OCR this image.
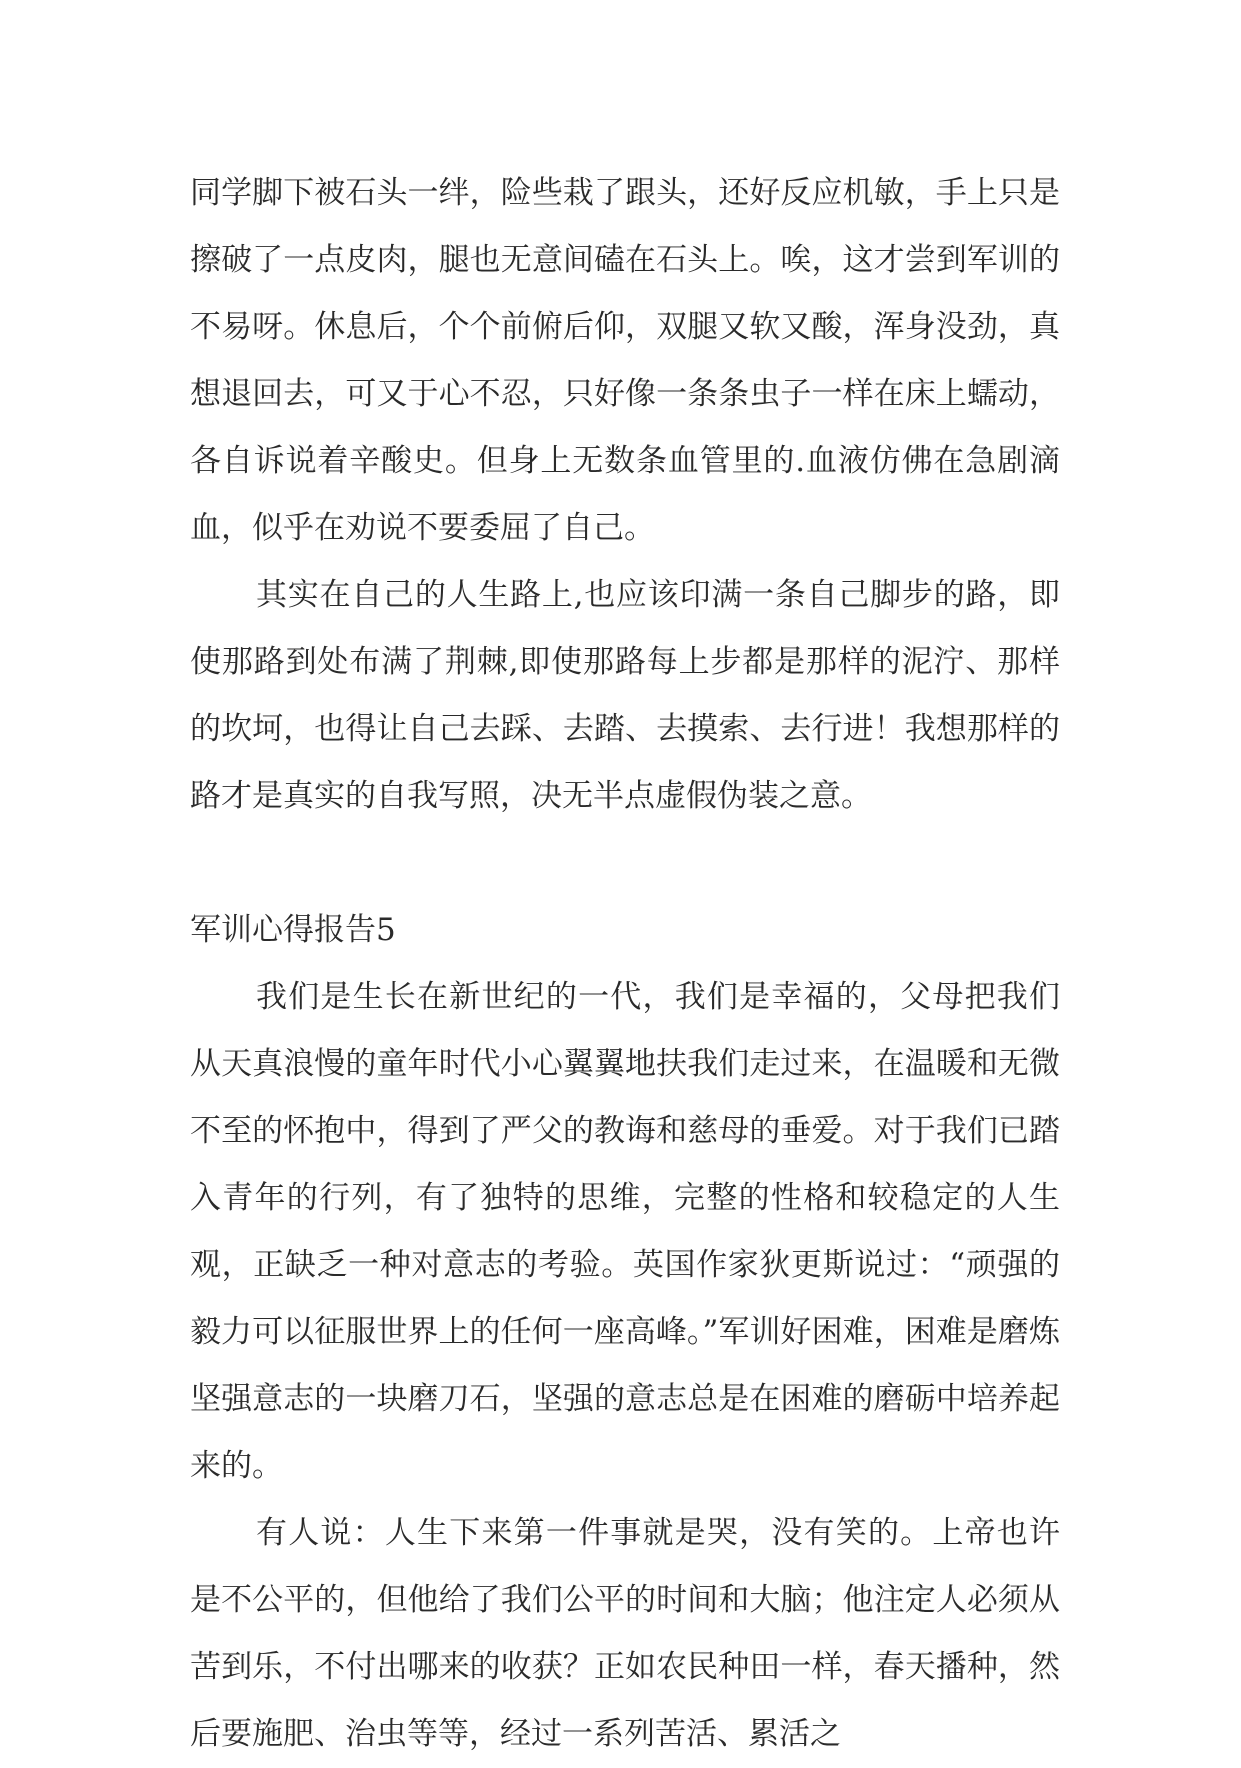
同学脚下被石头一绊，险些栽了跟头，还好反应机敏，手上只是擦破了一点皮肉，腿也无意间磕在石头上。唉，这才尝到军训的不易呀。休息后，个个前俯后仰，双腿又软又酸，浑身没劲，真想退回去，可又于心不忍，只好像一条条虫子一样在床上蠕动，各自诉说着辛酸史。但身上无数条血管里的.血液仿佛在急剧滴血，似乎在劝说不要委屈了自己。

其实在自己的人生路上,也应该印满一条自己脚步的路，即使那路到处布满了荆棘,即使那路每上步都是那样的泥泞、那样的坎坷，也得让自己去踩、去踏、去摸索、去行进！我想那样的路才是真实的自我写照，决无半点虚假伪装之意。

军训心得报告5

我们是生长在新世纪的一代，我们是幸福的，父母把我们从天真浪慢的童年时代小心翼翼地扶我们走过来，在温暖和无微不至的怀抱中，得到了严父的教诲和慈母的垂爱。对于我们已踏入青年的行列，有了独特的思维，完整的性格和较稳定的人生观，正缺乏一种对意志的考验。英国作家狄更斯说过：“顽强的毅力可以征服世界上的任何一座高峰。”军训好困难，困难是磨炼坚强意志的一块磨刀石，坚强的意志总是在困难的磨砺中培养起来的。

有人说：人生下来第一件事就是哭，没有笑的。上帝也许是不公平的，但他给了我们公平的时间和大脑；他注定人必须从苦到乐，不付出哪来的收获？正如农民种田一样，春天播种，然后要施肥、治虫等等，经过一系列苦活、累活之
